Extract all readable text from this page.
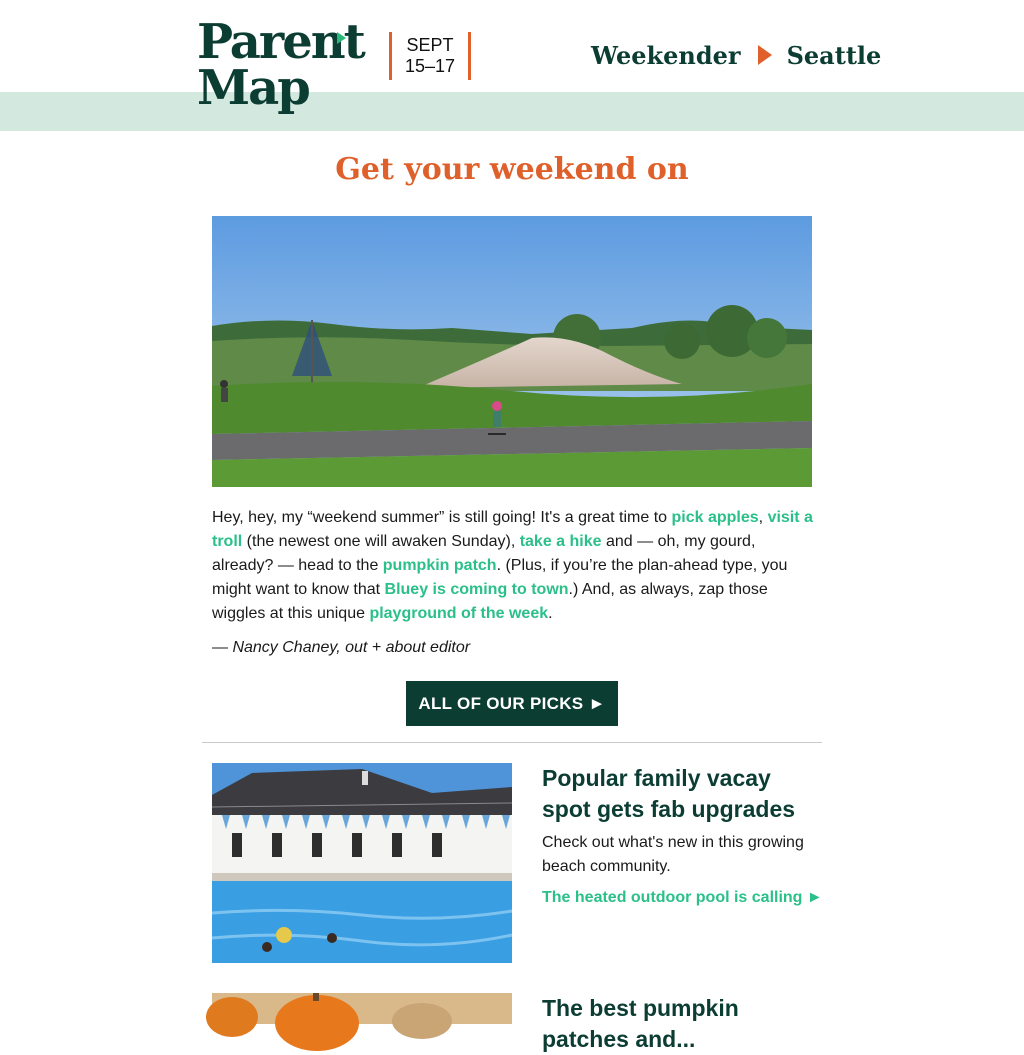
Parent
Map
SEPT
15–17	Weekender Seattle
Get your weekend on
Hey, hey, my “weekend summer” is still going! It's a great time to pick apples, visit a troll (the newest one will awaken Sunday), take a hike and — oh, my gourd, already? — head to the pumpkin patch. (Plus, if you’re the plan-ahead type, you might want to know that Bluey is coming to town.) And, as always, zap those wiggles at this unique playground of the week.
— Nancy Chaney, out + about editor
ALL OF OUR PICKS ►
Popular family vacay spot gets fab upgrades
Check out what's new in this growing beach community.
The heated outdoor pool is calling ►
The best pumpkin patches and...
